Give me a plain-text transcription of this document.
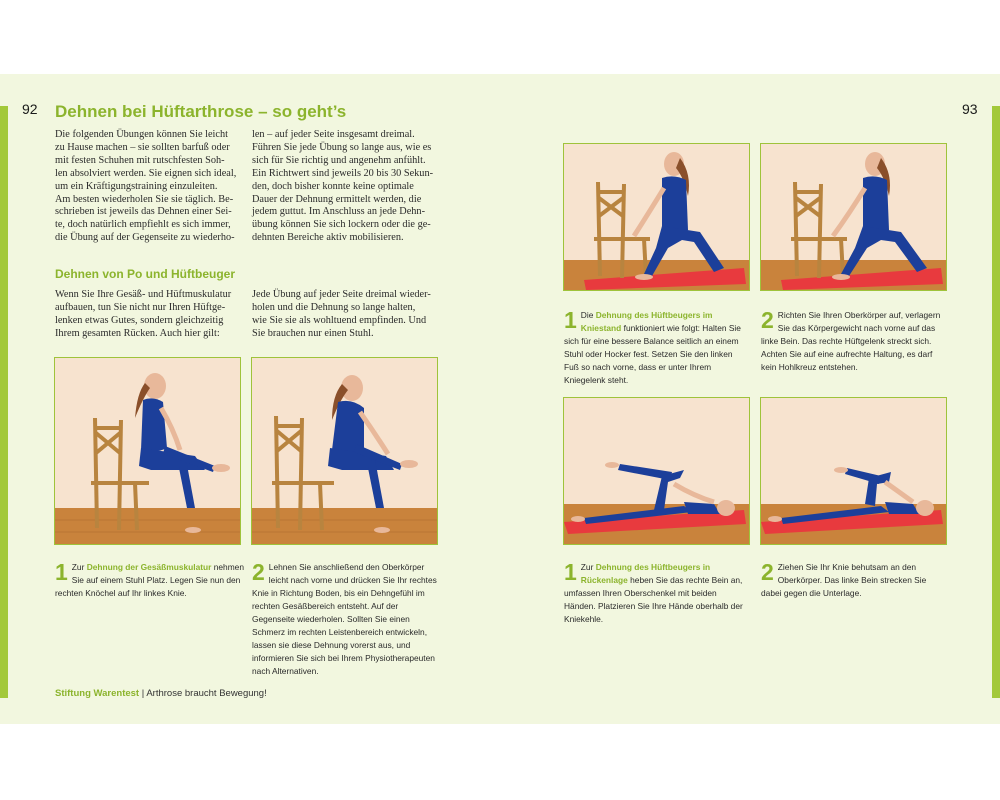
92	93
Dehnen bei Hüftarthrose – so geht’s
Die folgenden Übungen können Sie leicht
zu Hause machen – sie sollten barfuß oder
mit festen Schuhen mit rutschfesten Soh-
len absolviert werden. Sie eignen sich ideal,
um ein Kräftigungstraining einzuleiten.
Am besten wiederholen Sie sie täglich. Be-
schrieben ist jeweils das Dehnen einer Sei-
te, doch natürlich empfiehlt es sich immer,
die Übung auf der Gegenseite zu wiederho-
len – auf jeder Seite insgesamt dreimal.
Führen Sie jede Übung so lange aus, wie es
sich für Sie richtig und angenehm anfühlt.
Ein Richtwert sind jeweils 20 bis 30 Sekun-
den, doch bisher konnte keine optimale
Dauer der Dehnung ermittelt werden, die
jedem guttut. Im Anschluss an jede Dehn-
übung können Sie sich lockern oder die ge-
dehnten Bereiche aktiv mobilisieren.
Dehnen von Po und Hüftbeuger
Wenn Sie Ihre Gesäß- und Hüftmuskulatur
aufbauen, tun Sie nicht nur Ihren Hüftge-
lenken etwas Gutes, sondern gleichzeitig
Ihrem gesamten Rücken. Auch hier gilt:
Jede Übung auf jeder Seite dreimal wieder-
holen und die Dehnung so lange halten,
wie Sie sie als wohltuend empfinden. Und
Sie brauchen nur einen Stuhl.
1 Zur Dehnung der Gesäßmuskulatur nehmen Sie auf einem Stuhl Platz. Legen Sie nun den rechten Knöchel auf Ihr linkes Knie.
2 Lehnen Sie anschließend den Oberkörper leicht nach vorne und drücken Sie Ihr rechtes Knie in Richtung Boden, bis ein Dehngefühl im rechten Gesäßbereich entsteht. Auf der Gegenseite wiederholen. Sollten Sie einen Schmerz im rechten Leistenbereich entwickeln, lassen sie diese Dehnung vorerst aus, und informieren Sie sich bei Ihrem Physiotherapeuten nach Alternativen.
1 Die Dehnung des Hüftbeugers im Kniestand funktioniert wie folgt: Halten Sie sich für eine bessere Balance seitlich an einem Stuhl oder Hocker fest. Setzen Sie den linken Fuß so nach vorne, dass er unter Ihrem Kniegelenk steht.
2 Richten Sie Ihren Oberkörper auf, verlagern Sie das Körpergewicht nach vorne auf das linke Bein. Das rechte Hüftgelenk streckt sich. Achten Sie auf eine aufrechte Haltung, es darf kein Hohlkreuz entstehen.
1 Zur Dehnung des Hüftbeugers in Rückenlage heben Sie das rechte Bein an, umfassen Ihren Oberschenkel mit beiden Händen. Platzieren Sie Ihre Hände oberhalb der Kniekehle.
2 Ziehen Sie Ihr Knie behutsam an den Oberkörper. Das linke Bein strecken Sie dabei gegen die Unterlage.
Stiftung Warentest | Arthrose braucht Bewegung!
